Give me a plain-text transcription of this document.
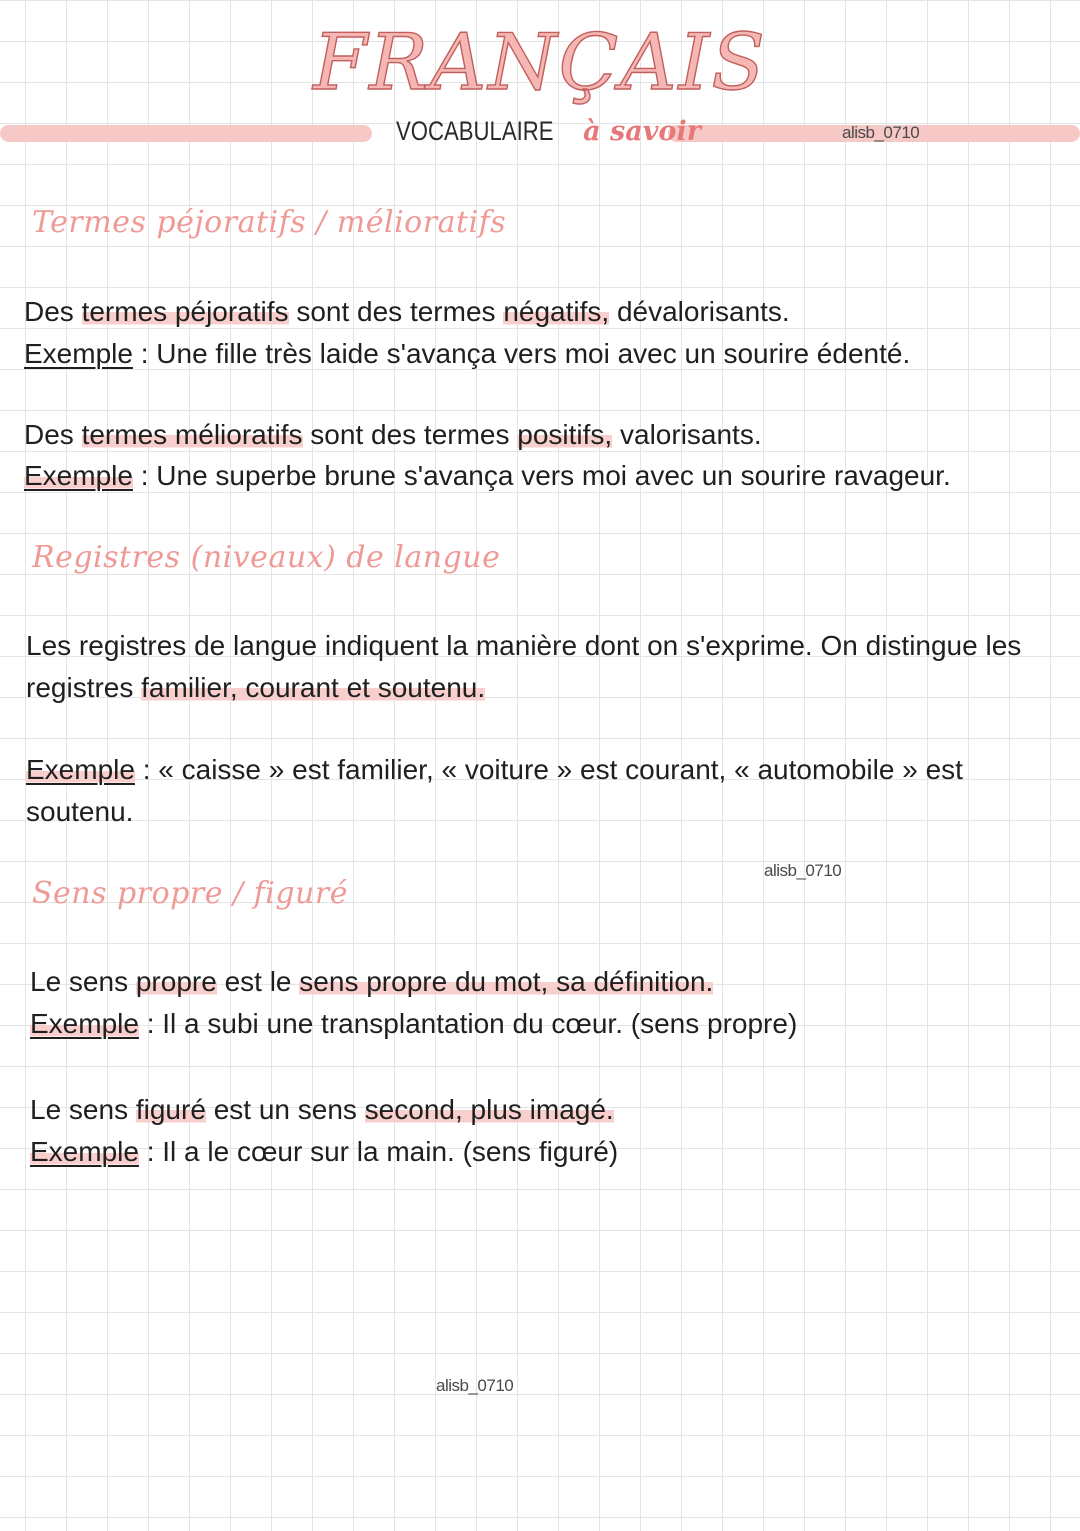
FRANÇAIS
VOCABULAIRE à savoir	alisb_0710
Termes péjoratifs / mélioratifs
Des termes péjoratifs sont des termes négatifs, dévalorisants.
Exemple : Une fille très laide s'avança vers moi avec un sourire édenté.
Des termes mélioratifs sont des termes positifs, valorisants.
Exemple : Une superbe brune s'avança vers moi avec un sourire ravageur.
Registres (niveaux) de langue
Les registres de langue indiquent la manière dont on s'exprime. On distingue les
registres familier, courant et soutenu.
Exemple : « caisse » est familier, « voiture » est courant, « automobile » est
soutenu.
alisb_0710
Sens propre / figuré
Le sens propre est le sens propre du mot, sa définition.
Exemple : Il a subi une transplantation du cœur. (sens propre)
Le sens figuré est un sens second, plus imagé.
Exemple : Il a le cœur sur la main. (sens figuré)
alisb_0710
